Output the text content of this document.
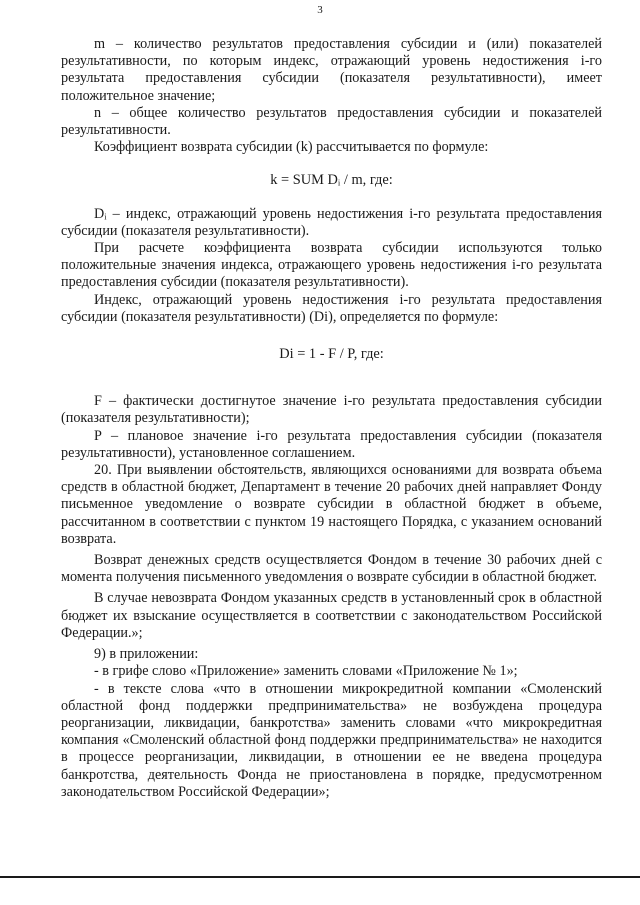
3

m – количество результатов предоставления субсидии и (или) показателей результативности, по которым индекс, отражающий уровень недостижения i-го результата предоставления субсидии (показателя результативности), имеет положительное значение;

n – общее количество результатов предоставления субсидии и показателей результативности.

Коэффициент возврата субсидии (k) рассчитывается по формуле:

k = SUM Dᵢ / m, где:

Dᵢ – индекс, отражающий уровень недостижения i-го результата предоставления субсидии (показателя результативности).

При расчете коэффициента возврата субсидии используются только положительные значения индекса, отражающего уровень недостижения i-го результата предоставления субсидии (показателя результативности).

Индекс, отражающий уровень недостижения i-го результата предоставления субсидии (показателя результативности) (Di), определяется по формуле:

Di = 1 - F / P, где:

F – фактически достигнутое значение i-го результата предоставления субсидии (показателя результативности);

P – плановое значение i-го результата предоставления субсидии (показателя результативности), установленное соглашением.

20. При выявлении обстоятельств, являющихся основаниями для возврата объема средств в областной бюджет, Департамент в течение 20 рабочих дней направляет Фонду письменное уведомление о возврате субсидии в областной бюджет в объеме, рассчитанном в соответствии с пунктом 19 настоящего Порядка, с указанием оснований возврата.

Возврат денежных средств осуществляется Фондом в течение 30 рабочих дней с момента получения письменного уведомления о возврате субсидии в областной бюджет.

В случае невозврата Фондом указанных средств в установленный срок в областной бюджет их взыскание осуществляется в соответствии с законодательством Российской Федерации.»;

9) в приложении:

- в грифе слово «Приложение» заменить словами «Приложение № 1»;

- в тексте слова «что в отношении микрокредитной компании «Смоленский областной фонд поддержки предпринимательства» не возбуждена процедура реорганизации, ликвидации, банкротства» заменить словами «что микрокредитная компания «Смоленский областной фонд поддержки предпринимательства» не находится в процессе реорганизации, ликвидации, в отношении ее не введена процедура банкротства, деятельность Фонда не приостановлена в порядке, предусмотренном законодательством Российской Федерации»;
